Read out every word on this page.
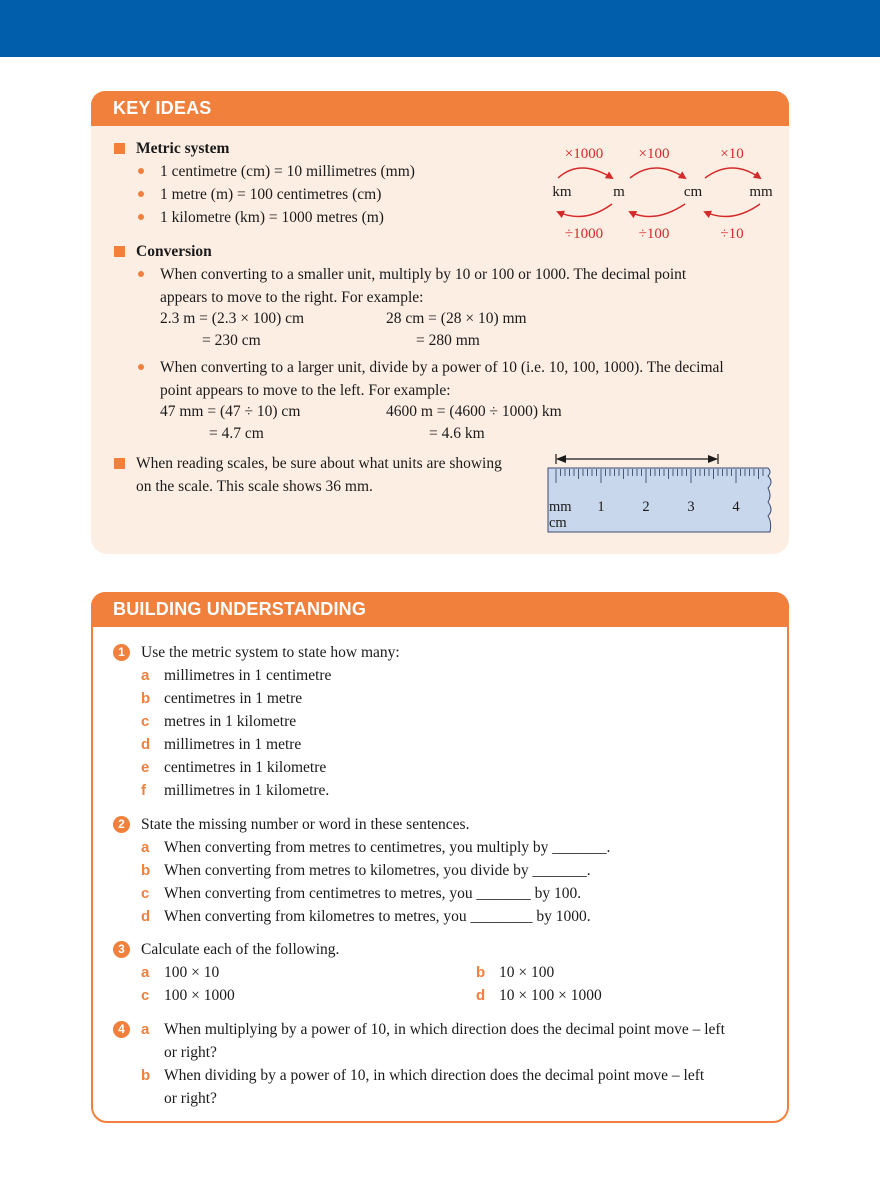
KEY IDEAS
Metric system
1 centimetre (cm) = 10 millimetres (mm)
1 metre (m) = 100 centimetres (cm)
1 kilometre (km) = 1000 metres (m)
×1000 ×100	×10
km	m	cm	mm
÷1000 ÷100	÷10
Conversion
When converting to a smaller unit, multiply by 10 or 100 or 1000. The decimal point
appears to move to the right. For example:
2.3 m = (2.3 × 100) cm
= 230 cm
28 cm = (28 × 10) mm
= 280 mm
When converting to a larger unit, divide by a power of 10 (i.e. 10, 100, 1000). The decimal
point appears to move to the left. For example:
47 mm = (47 ÷ 10) cm
= 4.7 cm
4600 m = (4600 ÷ 1000) km
= 4.6 km
When reading scales, be sure about what units are showing
on the scale. This scale shows 36 mm.
mm
cm
1	2	3	4
BUILDING UNDERSTANDING
1	Use the metric system to state how many:
a millimetres in 1 centimetre
b centimetres in 1 metre
c metres in 1 kilometre
d millimetres in 1 metre
e centimetres in 1 kilometre
f millimetres in 1 kilometre.
2	State the missing number or word in these sentences.
a When converting from metres to centimetres, you multiply by _______.
b When converting from metres to kilometres, you divide by _______.
c When converting from centimetres to metres, you _______ by 100.
d When converting from kilometres to metres, you ________ by 1000.
3	Calculate each of the following.
a 100 × 10	b 10 × 100
c 100 × 1000	d 10 × 100 × 1000
4	a When multiplying by a power of 10, in which direction does the decimal point move – left
or right?
b When dividing by a power of 10, in which direction does the decimal point move – left
or right?
